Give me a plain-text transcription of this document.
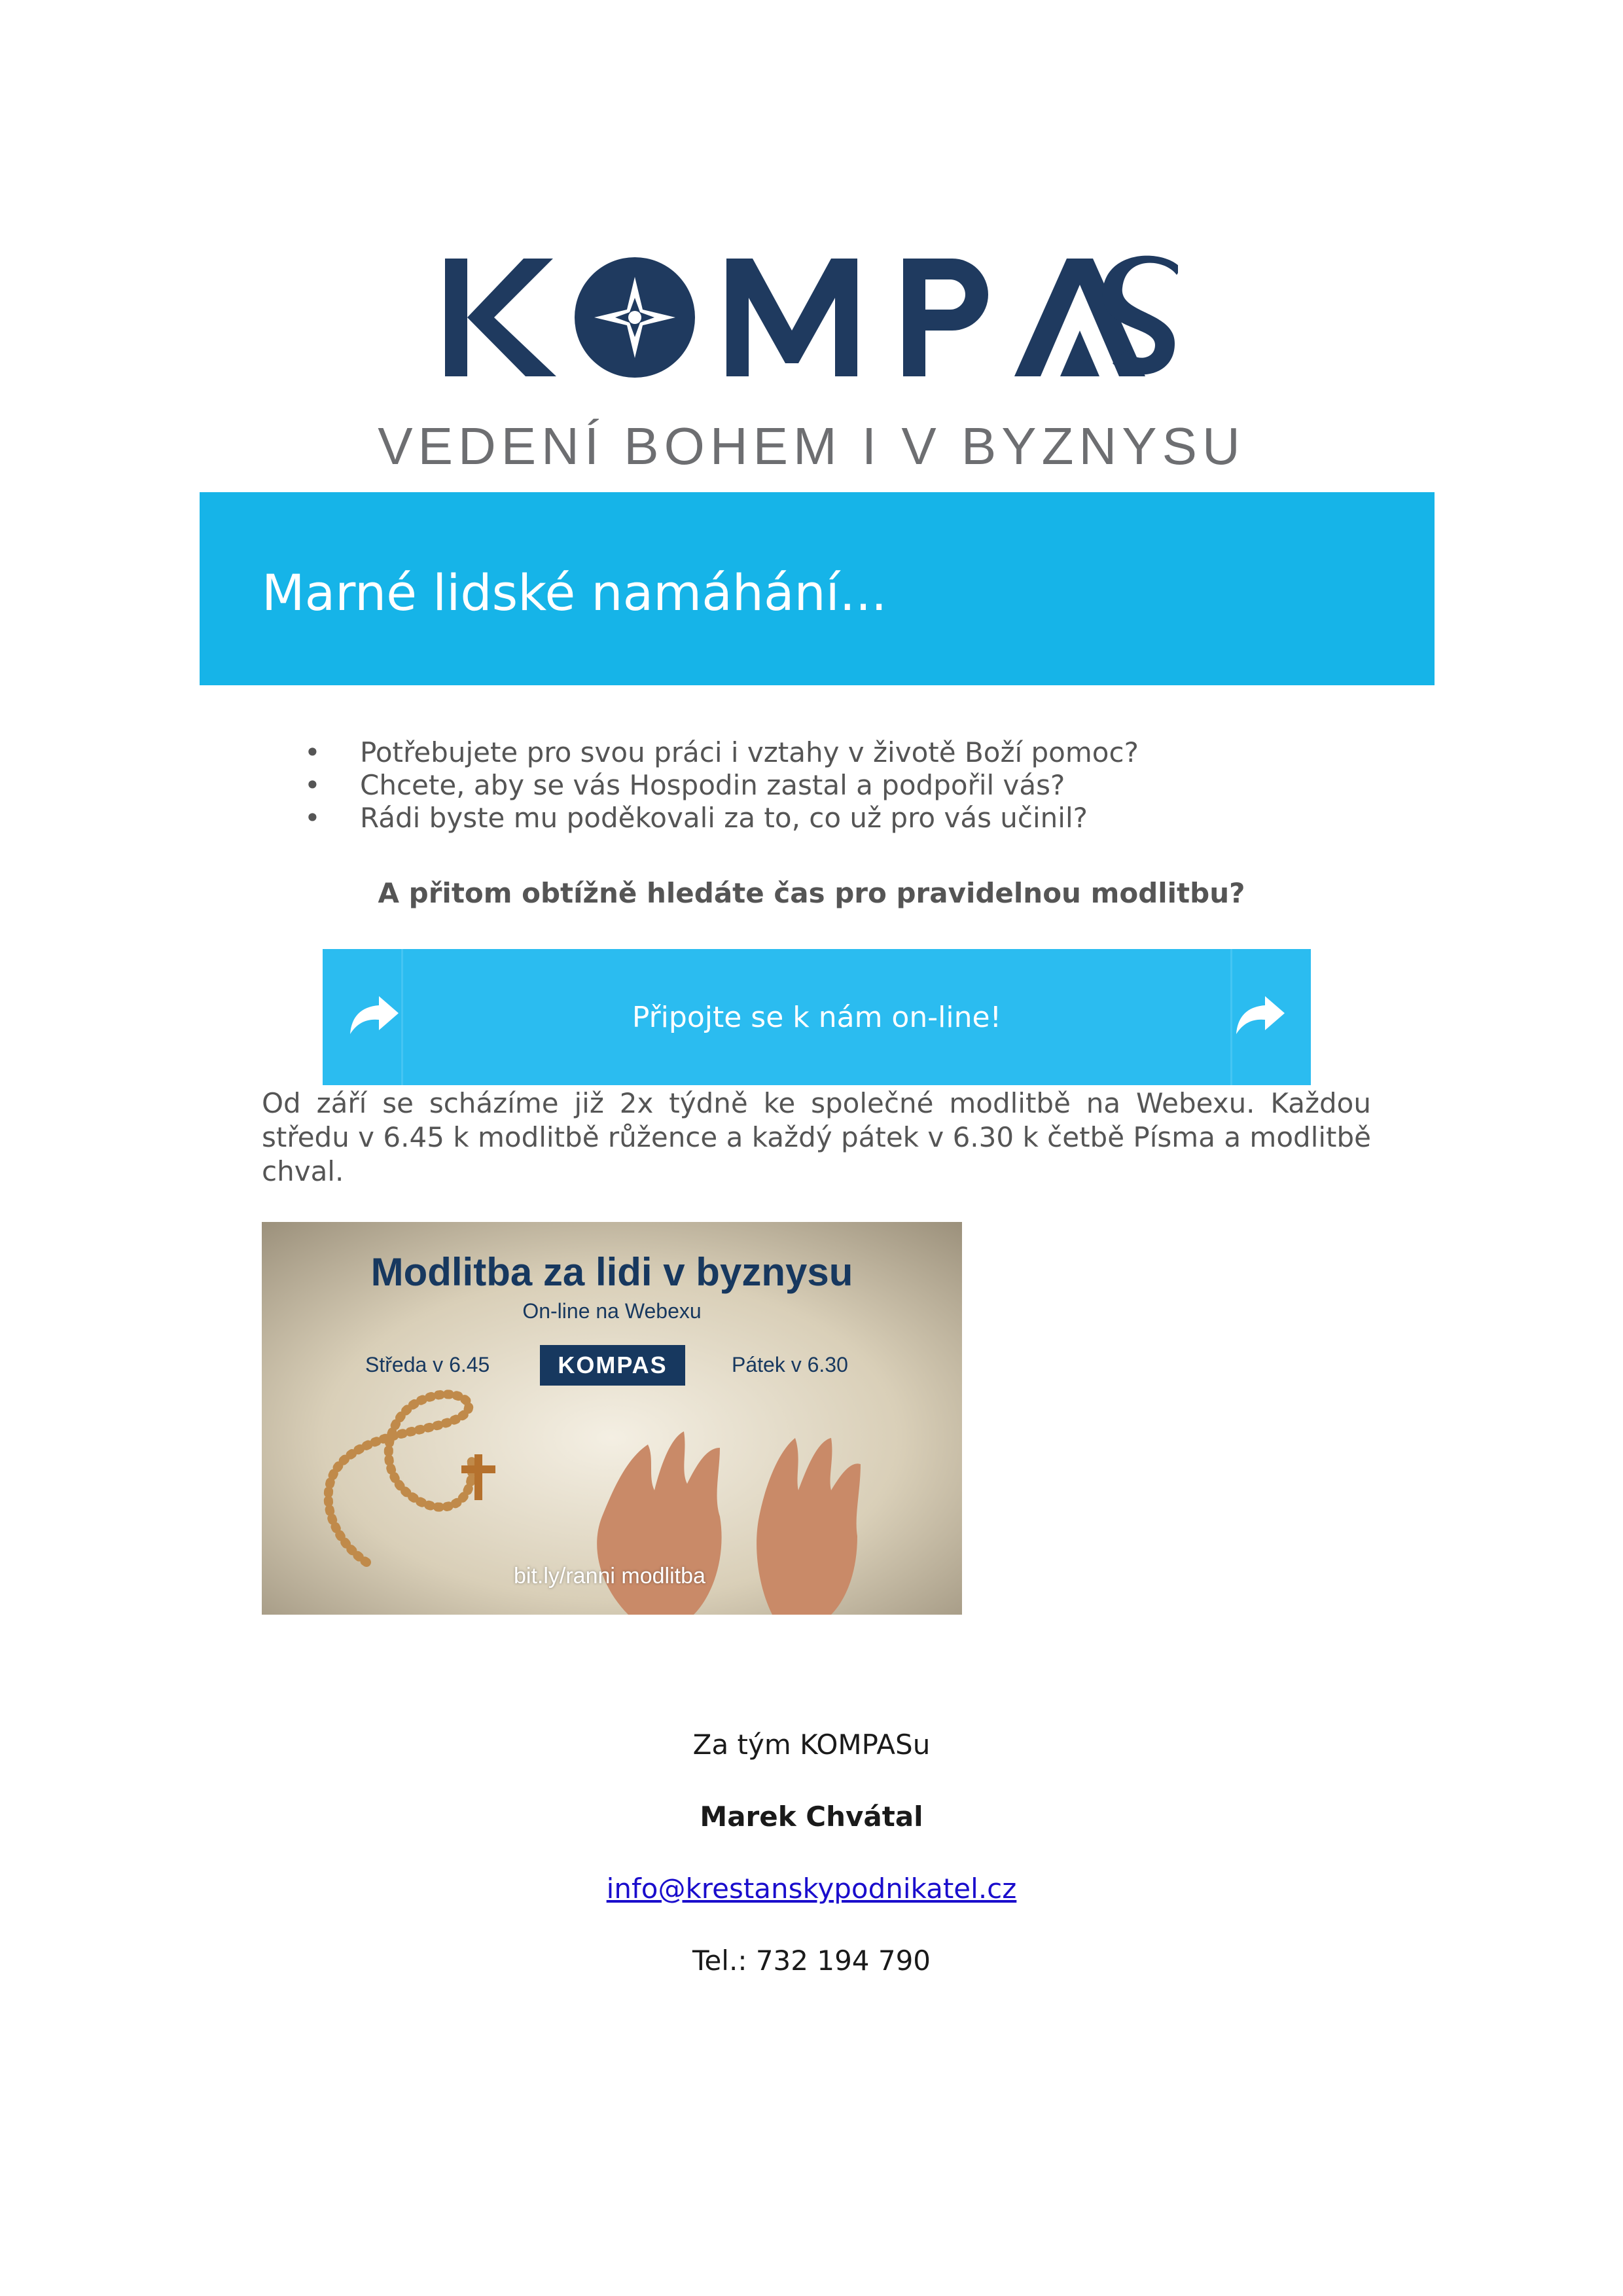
VEDENÍ BOHEM I V BYZNYSU
Marné lidské namáhání...
• Potřebujete pro svou práci i vztahy v životě Boží pomoc?
• Chcete, aby se vás Hospodin zastal a podpořil vás?
• Rádi byste mu poděkovali za to, co už pro vás učinil?
A přitom obtížně hledáte čas pro pravidelnou modlitbu?
Připojte se k nám on-line!

Od září se scházíme již 2x týdně ke společné modlitbě na Webexu. Každou středu v 6.45 k modlitbě růžence a každý pátek v 6.30 k četbě Písma a modlitbě chval.

Modlitba za lidi v byznysu
On-line na Webexu
Středa v 6.45	KOMPAS	Pátek v 6.30
bit.ly/ranni modlitba
Za tým KOMPASu
Marek Chvátal
info@krestanskypodnikatel.cz
Tel.: 732 194 790
